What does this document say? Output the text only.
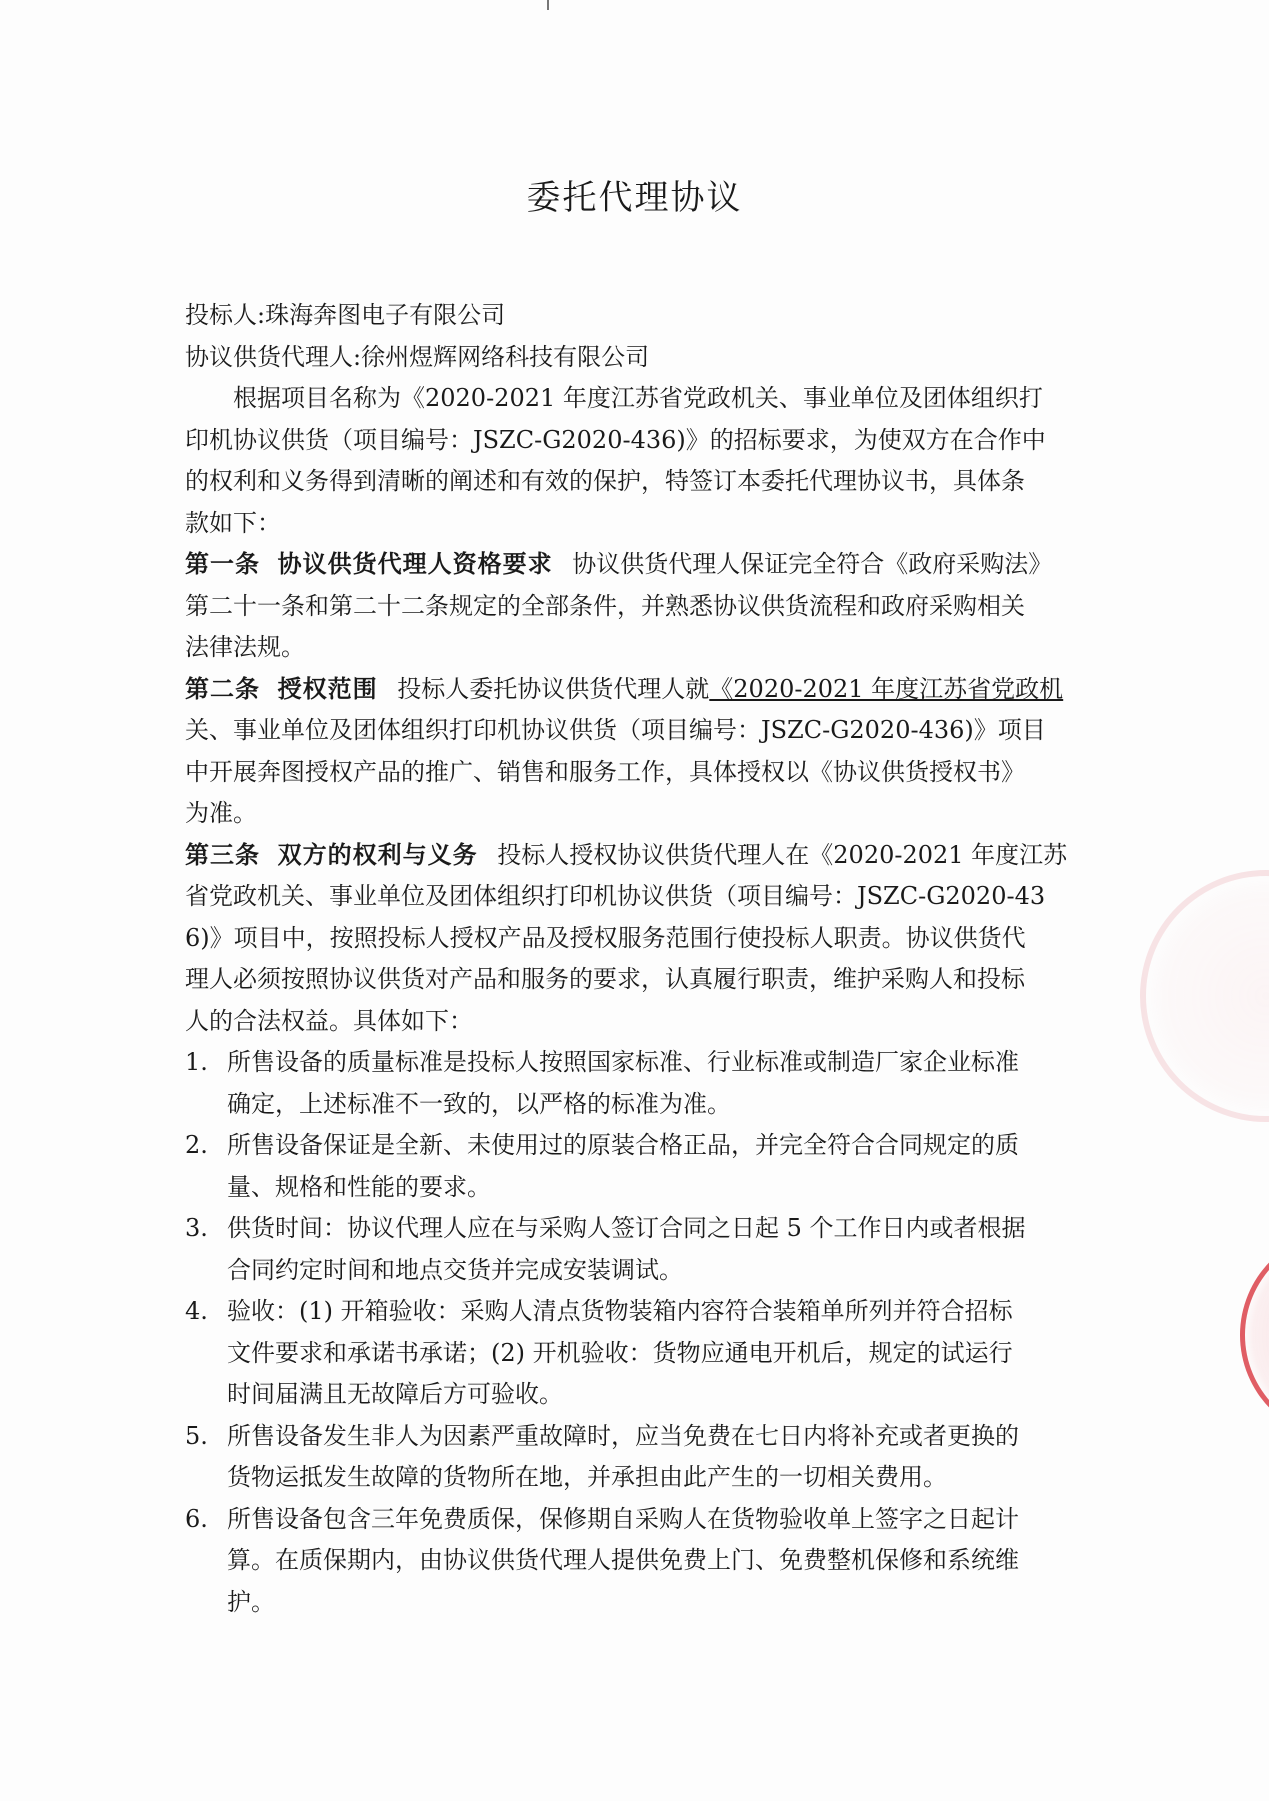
委托代理协议
投标人:珠海奔图电子有限公司
协议供货代理人:徐州煜辉网络科技有限公司
根据项目名称为《2020-2021 年度江苏省党政机关、事业单位及团体组织打
印机协议供货（项目编号：JSZC-G2020-436)》的招标要求，为使双方在合作中
的权利和义务得到清晰的阐述和有效的保护，特签订本委托代理协议书，具体条
款如下：
第一条 协议供货代理人资格要求 协议供货代理人保证完全符合《政府采购法》
第二十一条和第二十二条规定的全部条件，并熟悉协议供货流程和政府采购相关
法律法规。
第二条 授权范围 投标人委托协议供货代理人就《2020-2021 年度江苏省党政机
关、事业单位及团体组织打印机协议供货（项目编号：JSZC-G2020-436)》项目
中开展奔图授权产品的推广、销售和服务工作，具体授权以《协议供货授权书》
为准。
第三条 双方的权利与义务 投标人授权协议供货代理人在《2020-2021 年度江苏
省党政机关、事业单位及团体组织打印机协议供货（项目编号：JSZC-G2020-43
6)》项目中，按照投标人授权产品及授权服务范围行使投标人职责。协议供货代
理人必须按照协议供货对产品和服务的要求，认真履行职责，维护采购人和投标
人的合法权益。具体如下：
1. 所售设备的质量标准是投标人按照国家标准、行业标准或制造厂家企业标准
确定，上述标准不一致的，以严格的标准为准。
2. 所售设备保证是全新、未使用过的原装合格正品，并完全符合合同规定的质
量、规格和性能的要求。
3. 供货时间：协议代理人应在与采购人签订合同之日起 5 个工作日内或者根据
合同约定时间和地点交货并完成安装调试。
4. 验收：(1) 开箱验收：采购人清点货物装箱内容符合装箱单所列并符合招标
文件要求和承诺书承诺；(2) 开机验收：货物应通电开机后，规定的试运行
时间届满且无故障后方可验收。
5. 所售设备发生非人为因素严重故障时，应当免费在七日内将补充或者更换的
货物运抵发生故障的货物所在地，并承担由此产生的一切相关费用。
6. 所售设备包含三年免费质保，保修期自采购人在货物验收单上签字之日起计
算。在质保期内，由协议供货代理人提供免费上门、免费整机保修和系统维
护。
